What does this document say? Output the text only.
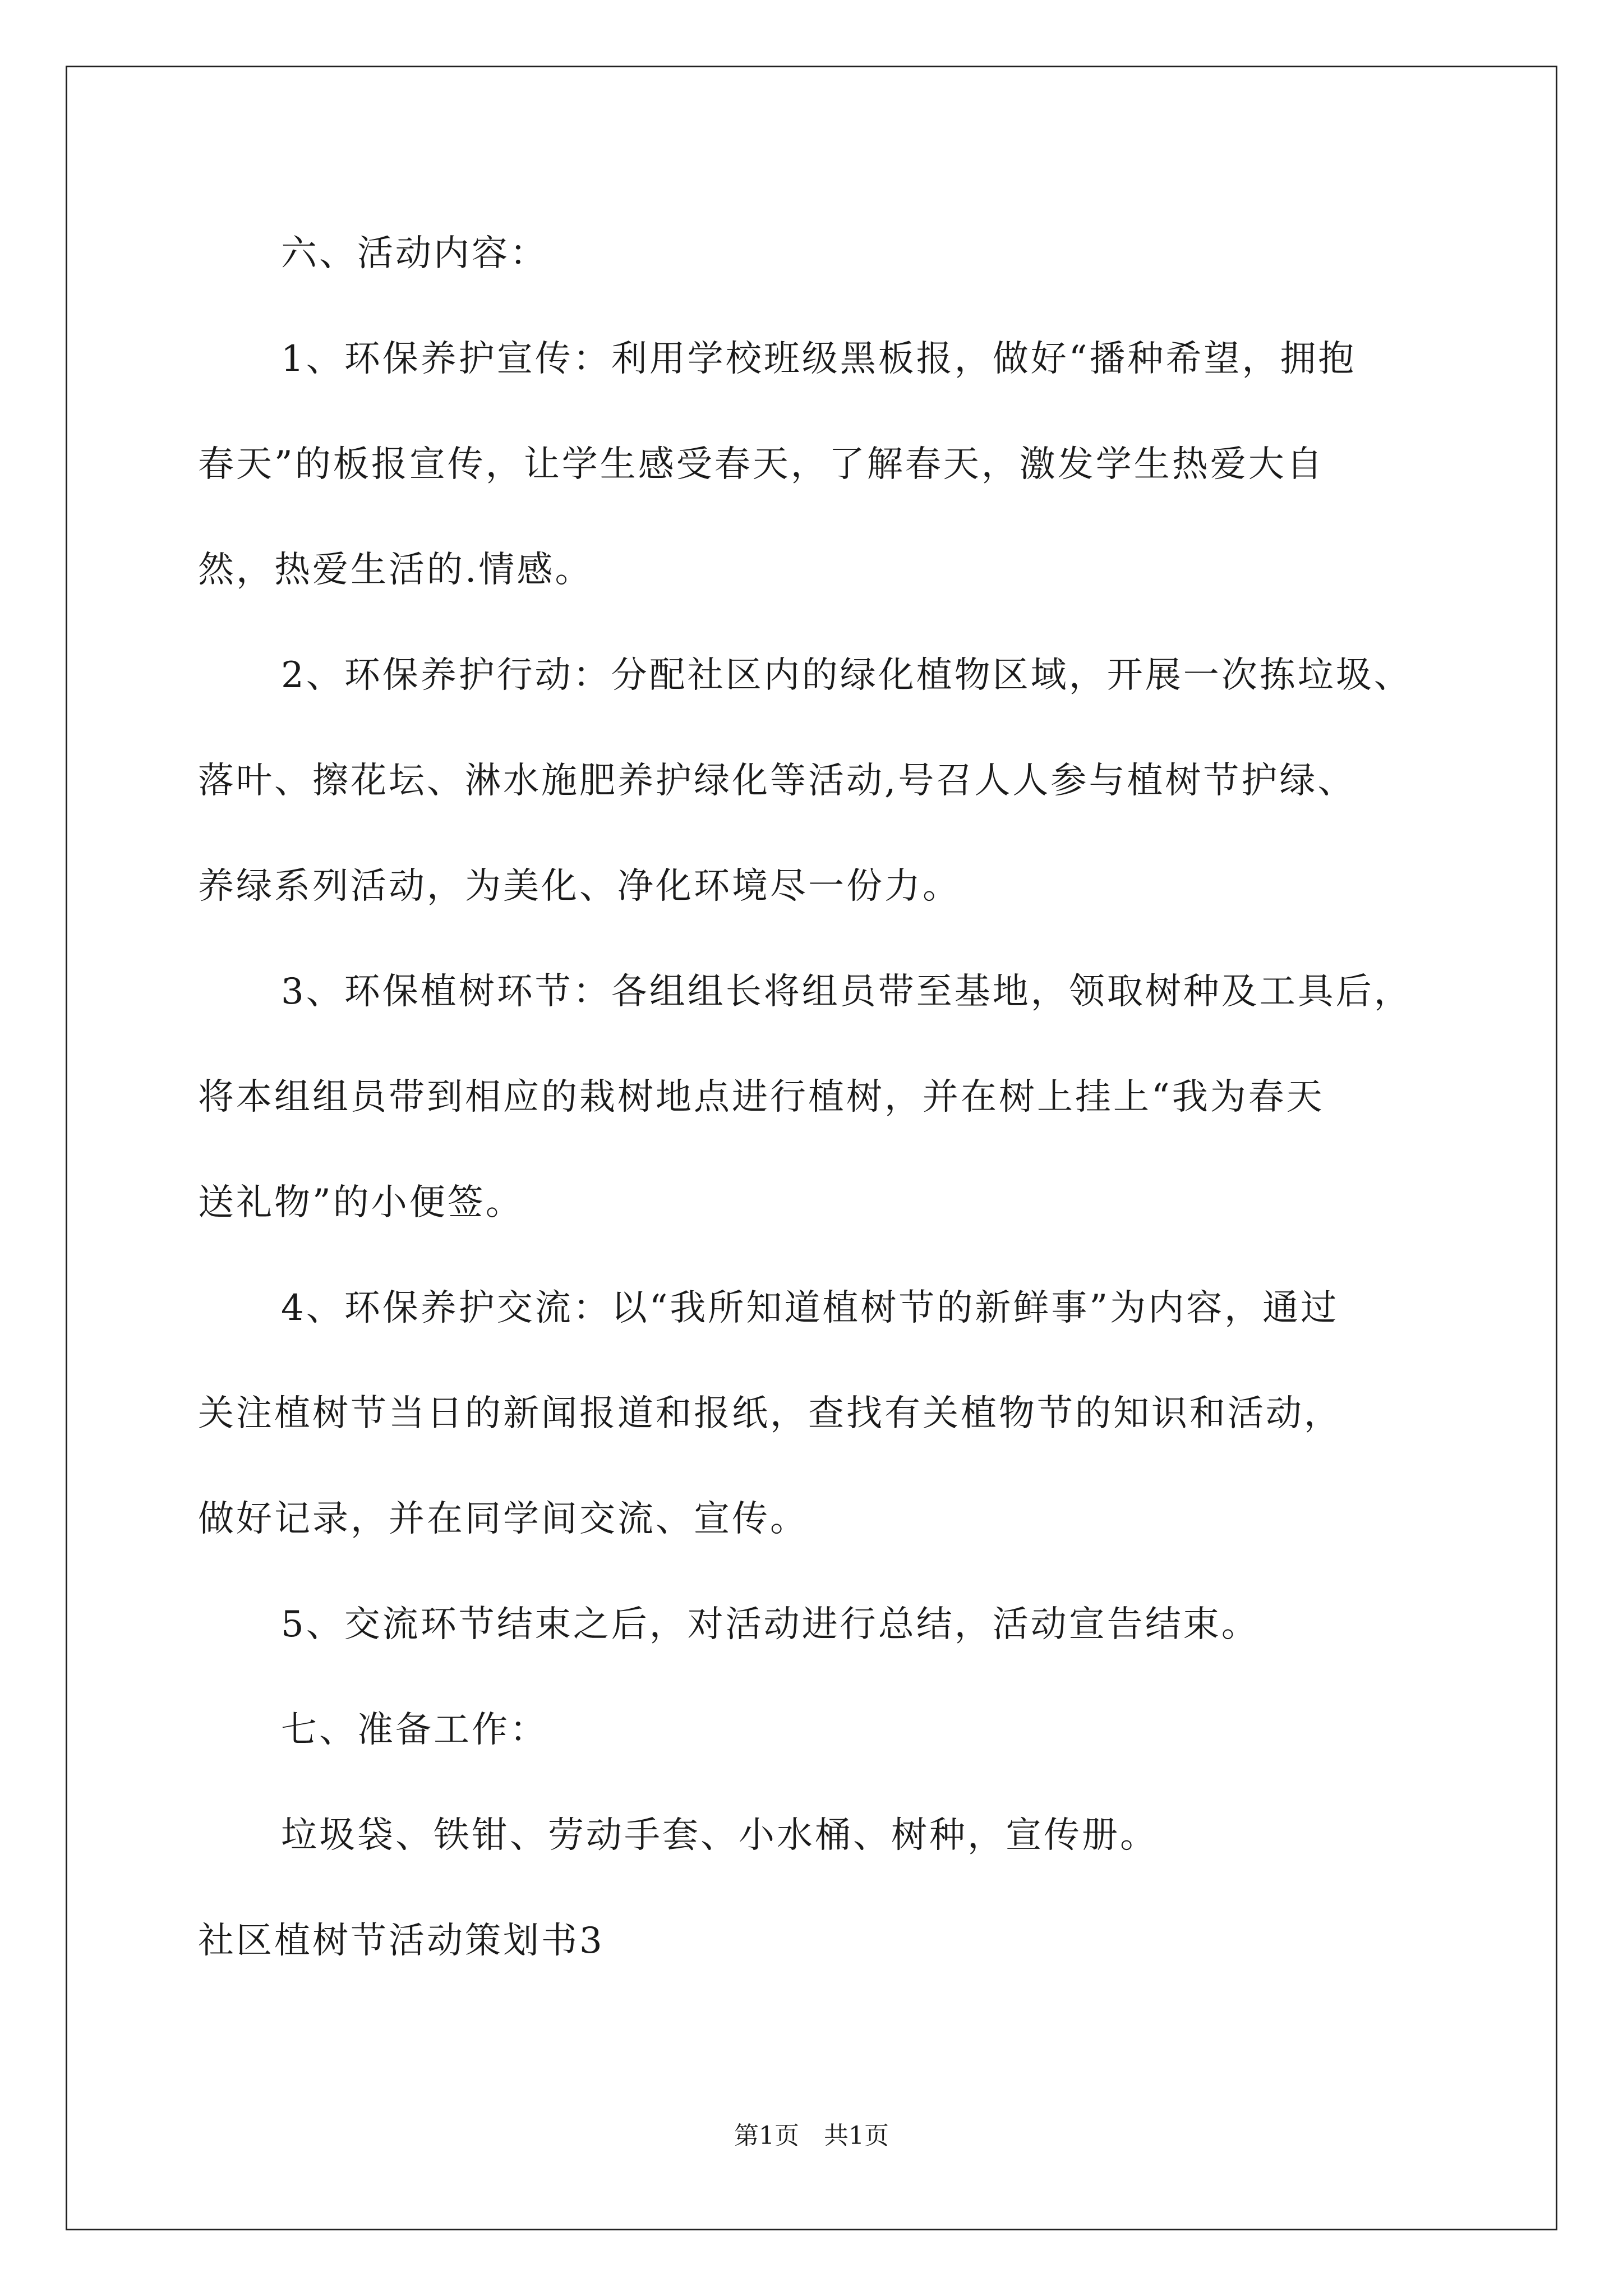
六、活动内容：
1、环保养护宣传：利用学校班级黑板报，做好“播种希望，拥抱
春天”的板报宣传，让学生感受春天，了解春天，激发学生热爱大自
然，热爱生活的.情感。
2、环保养护行动：分配社区内的绿化植物区域，开展一次拣垃圾、
落叶、擦花坛、淋水施肥养护绿化等活动,号召人人参与植树节护绿、
养绿系列活动，为美化、净化环境尽一份力。
3、环保植树环节：各组组长将组员带至基地，领取树种及工具后，
将本组组员带到相应的栽树地点进行植树，并在树上挂上“我为春天
送礼物”的小便签。
4、环保养护交流：以“我所知道植树节的新鲜事”为内容，通过
关注植树节当日的新闻报道和报纸，查找有关植物节的知识和活动，
做好记录，并在同学间交流、宣传。
5、交流环节结束之后，对活动进行总结，活动宣告结束。
七、准备工作：
垃圾袋、铁钳、劳动手套、小水桶、树种，宣传册。
社区植树节活动策划书3
第1页　共1页
